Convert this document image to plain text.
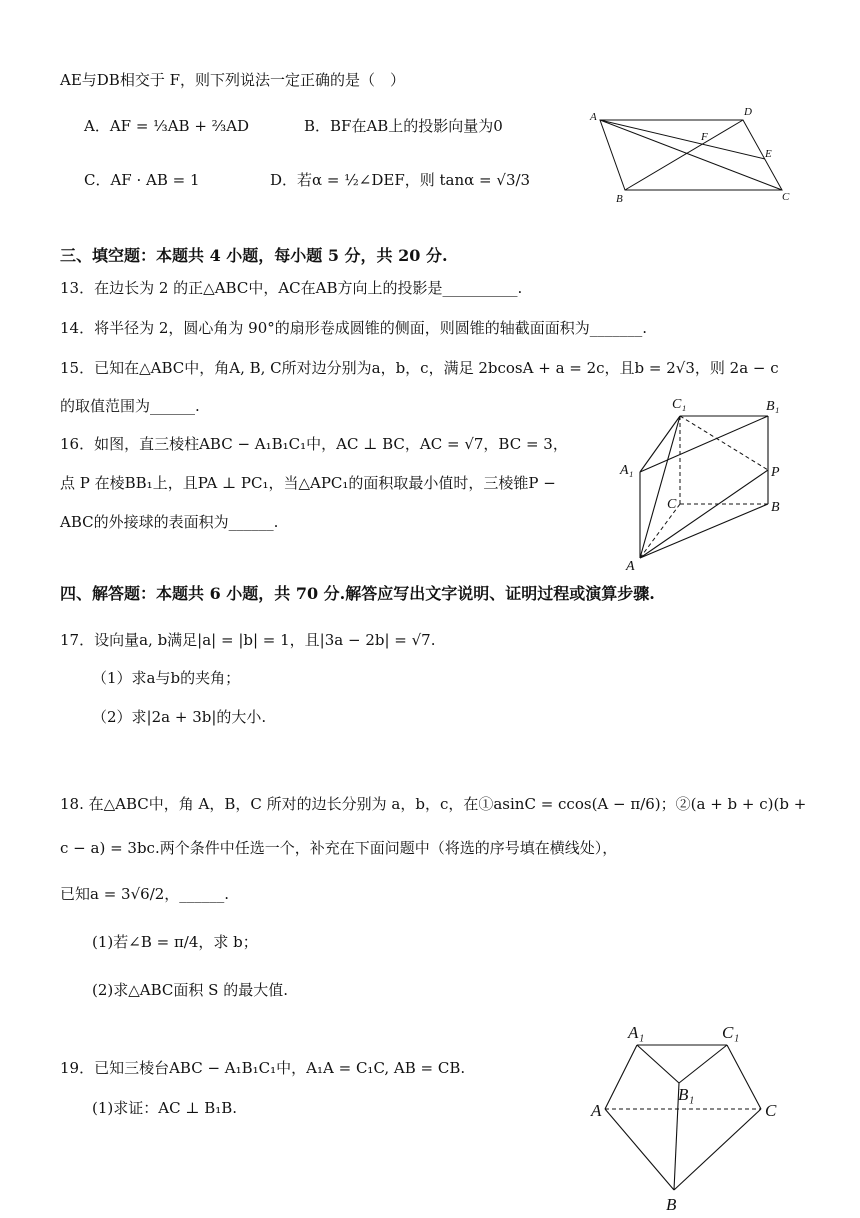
AE与DB相交于 F，则下列说法一定正确的是（　）
A．AF = ⅓AB + ⅔AD	B．BF在AB上的投影向量为0
C．AF · AB = 1	D．若α = ½∠DEF，则 tanα = √3/3
A	D
F
E
B	C
三、填空题：本题共 4 小题，每小题 5 分，共 20 分.
13．在边长为 2 的正△ABC中，AC在AB方向上的投影是__________.
14．将半径为 2，圆心角为 90°的扇形卷成圆锥的侧面，则圆锥的轴截面面积为_______.
15．已知在△ABC中，角A, B, C所对边分别为a，b，c，满足 2bcosA + a = 2c，且b = 2√3，则 2a − c
的取值范围为______.
16．如图，直三棱柱ABC − A₁B₁C₁中，AC ⊥ BC，AC = √7，BC = 3，
点 P 在棱BB₁上，且PA ⊥ PC₁，当△APC₁的面积取最小值时，三棱锥P −
ABC的外接球的表面积为______.
C₁	B₁
A₁	P
C	B
A
四、解答题：本题共 6 小题，共 70 分.解答应写出文字说明、证明过程或演算步骤.
17．设向量a, b满足|a| = |b| = 1，且|3a − 2b| = √7.
（1）求a与b的夹角；
（2）求|2a + 3b|的大小.
18. 在△ABC中，角 A，B，C 所对的边长分别为 a，b，c，在①asinC = ccos(A − π/6)；②(a + b + c)(b +
c − a) = 3bc.两个条件中任选一个，补充在下面问题中（将选的序号填在横线处），
已知a = 3√6/2，______.
(1)若∠B = π/4，求 b；
(2)求△ABC面积 S 的最大值.
19．已知三棱台ABC − A₁B₁C₁中，A₁A = C₁C, AB = CB.
(1)求证：AC ⊥ B₁B.
A₁	C₁
B₁
A	C
B
